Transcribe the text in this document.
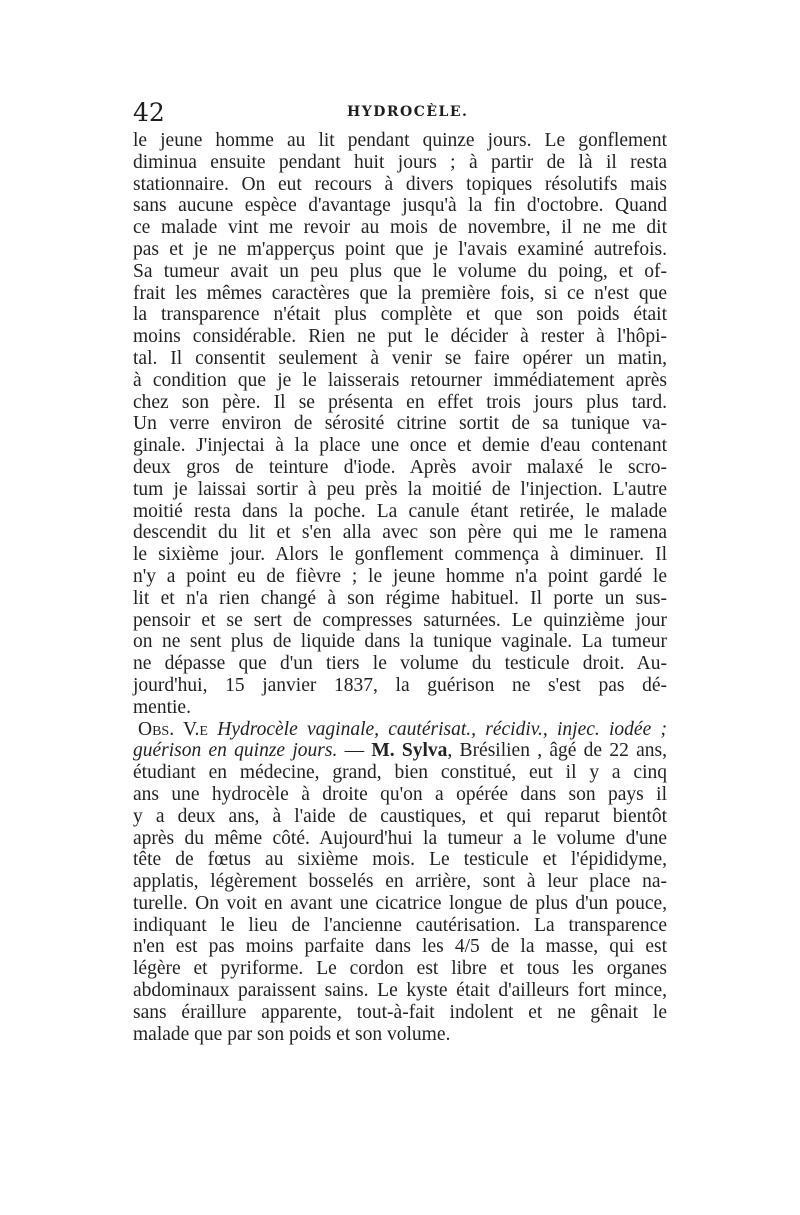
42	HYDROCÈLE.
le jeune homme au lit pendant quinze jours. Le gonflement
diminua ensuite pendant huit jours ; à partir de là il resta
stationnaire. On eut recours à divers topiques résolutifs mais
sans aucune espèce d'avantage jusqu'à la fin d'octobre. Quand
ce malade vint me revoir au mois de novembre, il ne me dit
pas et je ne m'apperçus point que je l'avais examiné autrefois.
Sa tumeur avait un peu plus que le volume du poing, et of-
frait les mêmes caractères que la première fois, si ce n'est que
la transparence n'était plus complète et que son poids était
moins considérable. Rien ne put le décider à rester à l'hôpi-
tal. Il consentit seulement à venir se faire opérer un matin,
à condition que je le laisserais retourner immédiatement après
chez son père. Il se présenta en effet trois jours plus tard.
Un verre environ de sérosité citrine sortit de sa tunique va-
ginale. J'injectai à la place une once et demie d'eau contenant
deux gros de teinture d'iode. Après avoir malaxé le scro-
tum je laissai sortir à peu près la moitié de l'injection. L'autre
moitié resta dans la poche. La canule étant retirée, le malade
descendit du lit et s'en alla avec son père qui me le ramena
le sixième jour. Alors le gonflement commença à diminuer. Il
n'y a point eu de fièvre ; le jeune homme n'a point gardé le
lit et n'a rien changé à son régime habituel. Il porte un sus-
pensoir et se sert de compresses saturnées. Le quinzième jour
on ne sent plus de liquide dans la tunique vaginale. La tumeur
ne dépasse que d'un tiers le volume du testicule droit. Au-
jourd'hui, 15 janvier 1837, la guérison ne s'est pas dé-
mentie.
Obs. V.e Hydrocèle vaginale, cautérisat., récidiv., injec. iodée ;
guérison en quinze jours. — M. Sylva, Brésilien , âgé de 22 ans,
étudiant en médecine, grand, bien constitué, eut il y a cinq
ans une hydrocèle à droite qu'on a opérée dans son pays il
y a deux ans, à l'aide de caustiques, et qui reparut bientôt
après du même côté. Aujourd'hui la tumeur a le volume d'une
tête de fœtus au sixième mois. Le testicule et l'épididyme,
applatis, légèrement bosselés en arrière, sont à leur place na-
turelle. On voit en avant une cicatrice longue de plus d'un pouce,
indiquant le lieu de l'ancienne cautérisation. La transparence
n'en est pas moins parfaite dans les 4/5 de la masse, qui est
légère et pyriforme. Le cordon est libre et tous les organes
abdominaux paraissent sains. Le kyste était d'ailleurs fort mince,
sans éraillure apparente, tout-à-fait indolent et ne gênait le
malade que par son poids et son volume.
